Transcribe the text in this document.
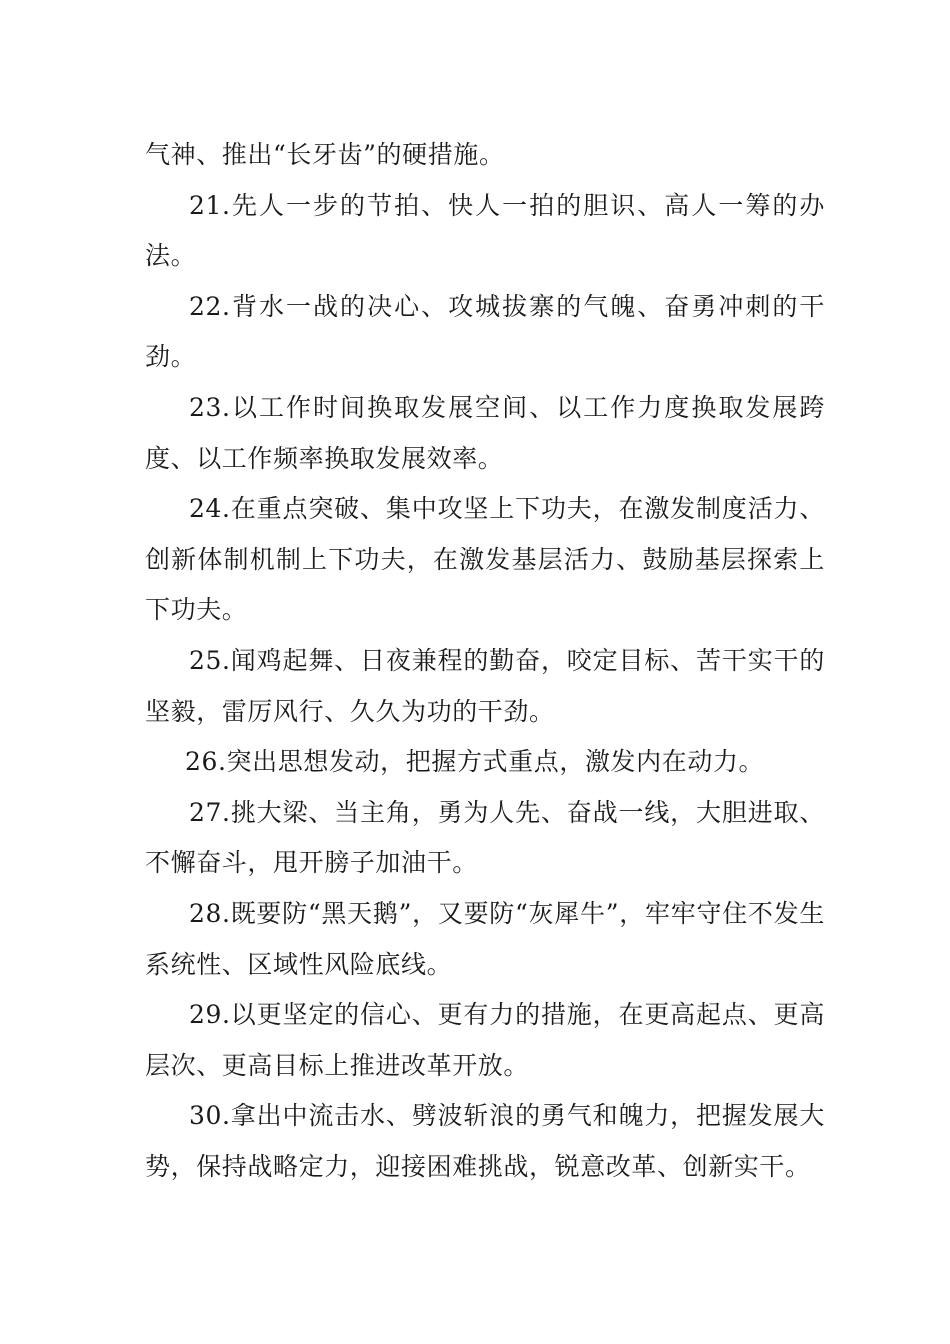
气神、推出“长牙齿”的硬措施。

21.先人一步的节拍、快人一拍的胆识、高人一筹的办法。

22.背水一战的决心、攻城拔寨的气魄、奋勇冲刺的干劲。

23.以工作时间换取发展空间、以工作力度换取发展跨度、以工作频率换取发展效率。

24.在重点突破、集中攻坚上下功夫，在激发制度活力、创新体制机制上下功夫，在激发基层活力、鼓励基层探索上下功夫。

25.闻鸡起舞、日夜兼程的勤奋，咬定目标、苦干实干的坚毅，雷厉风行、久久为功的干劲。

26.突出思想发动，把握方式重点，激发内在动力。

27.挑大梁、当主角，勇为人先、奋战一线，大胆进取、不懈奋斗，甩开膀子加油干。

28.既要防“黑天鹅”，又要防“灰犀牛”，牢牢守住不发生系统性、区域性风险底线。

29.以更坚定的信心、更有力的措施，在更高起点、更高层次、更高目标上推进改革开放。

30.拿出中流击水、劈波斩浪的勇气和魄力，把握发展大势，保持战略定力，迎接困难挑战，锐意改革、创新实干。
